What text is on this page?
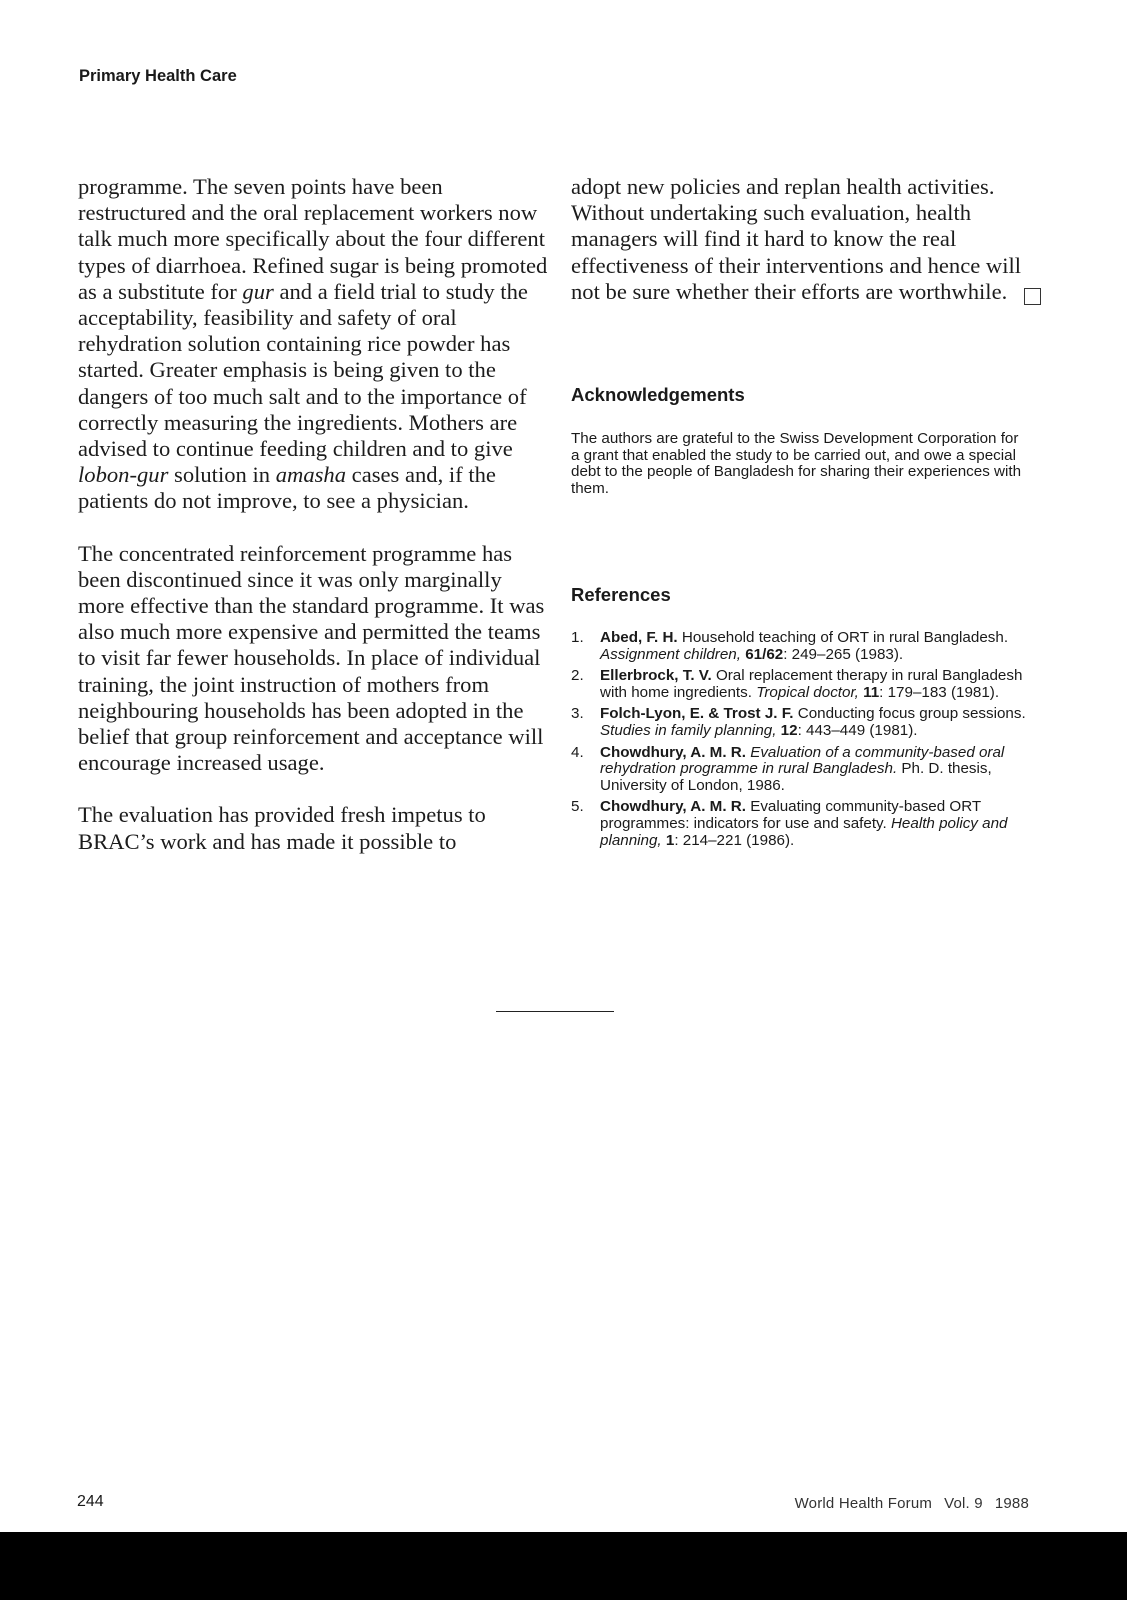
Primary Health Care

programme. The seven points have been restructured and the oral replacement workers now talk much more specifically about the four different types of diarrhoea. Refined sugar is being promoted as a substitute for gur and a field trial to study the acceptability, feasibility and safety of oral rehydration solution containing rice powder has started. Greater emphasis is being given to the dangers of too much salt and to the importance of correctly measuring the ingredients. Mothers are advised to continue feeding children and to give lobon-gur solution in amasha cases and, if the patients do not improve, to see a physician.

The concentrated reinforcement programme has been discontinued since it was only marginally more effective than the standard programme. It was also much more expensive and permitted the teams to visit far fewer households. In place of individual training, the joint instruction of mothers from neighbouring households has been adopted in the belief that group reinforcement and acceptance will encourage increased usage.

The evaluation has provided fresh impetus to BRAC’s work and has made it possible to

adopt new policies and replan health activities. Without undertaking such evaluation, health managers will find it hard to know the real effectiveness of their interventions and hence will not be sure whether their efforts are worthwhile.

Acknowledgements
The authors are grateful to the Swiss Development Corporation for a grant that enabled the study to be carried out, and owe a special debt to the people of Bangladesh for sharing their experiences with them.
References
1. Abed, F. H. Household teaching of ORT in rural Bangladesh. Assignment children, 61/62: 249–265 (1983).
2. Ellerbrock, T. V. Oral replacement therapy in rural Bangladesh with home ingredients. Tropical doctor, 11: 179–183 (1981).
3. Folch-Lyon, E. & Trost J. F. Conducting focus group sessions. Studies in family planning, 12: 443–449 (1981).
4. Chowdhury, A. M. R. Evaluation of a community-based oral rehydration programme in rural Bangladesh. Ph. D. thesis, University of London, 1986.
5. Chowdhury, A. M. R. Evaluating community-based ORT programmes: indicators for use and safety. Health policy and planning, 1: 214–221 (1986).
244	World Health Forum Vol. 9 1988
